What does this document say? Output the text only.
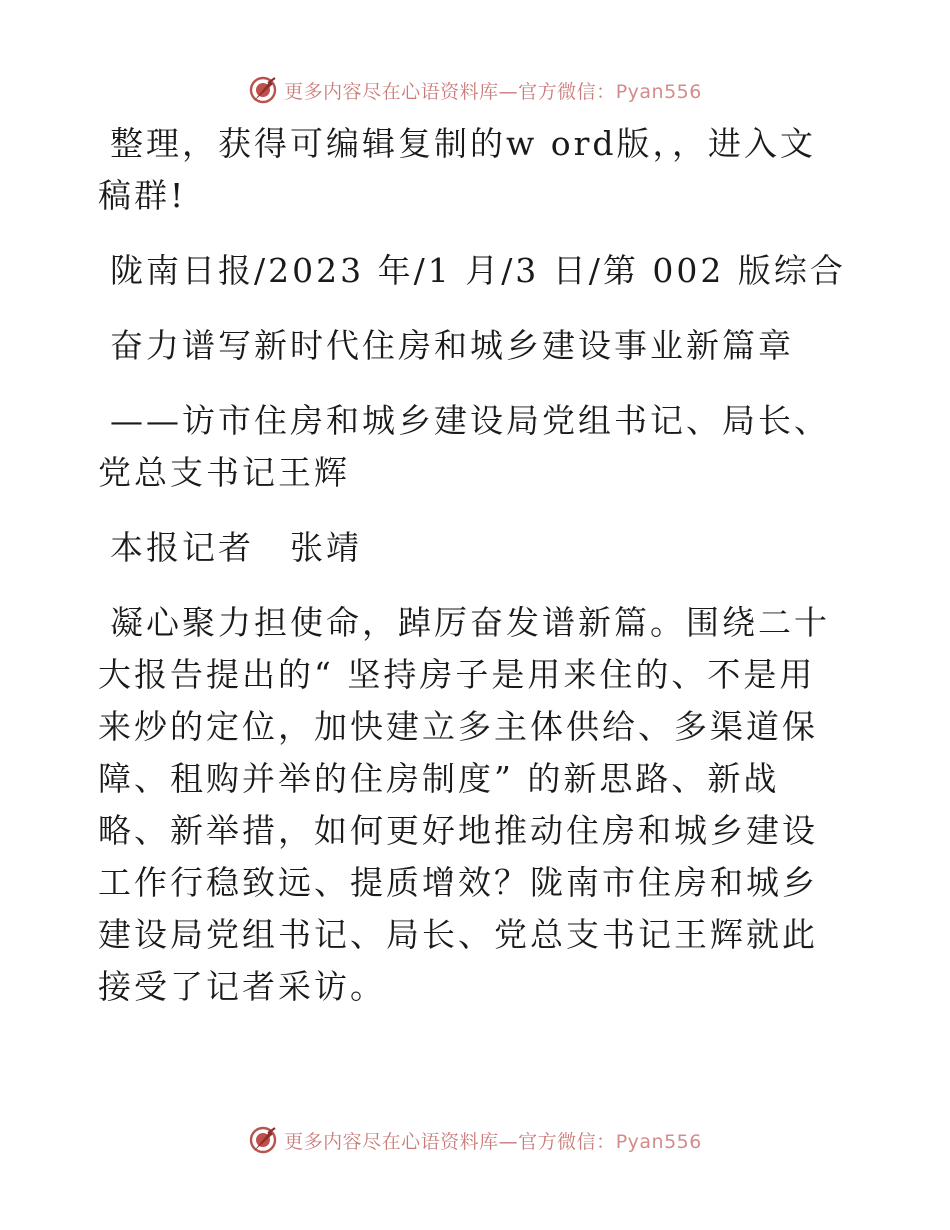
更多内容尽在心语资料库—官方微信：Pyan556

整理，获得可编辑复制的w ord版，，进入文稿群!

陇南日报/2023 年/1 月/3 日/第 002 版综合

奋力谱写新时代住房和城乡建设事业新篇章

——访市住房和城乡建设局党组书记、局长、党总支书记王辉

本报记者　张靖

凝心聚力担使命，踔厉奋发谱新篇。围绕二十大报告提出的“ 坚持房子是用来住的、不是用来炒的定位，加快建立多主体供给、多渠道保障、租购并举的住房制度” 的新思路、新战略、新举措，如何更好地推动住房和城乡建设工作行稳致远、提质增效？陇南市住房和城乡建设局党组书记、局长、党总支书记王辉就此接受了记者采访。

更多内容尽在心语资料库—官方微信：Pyan556
